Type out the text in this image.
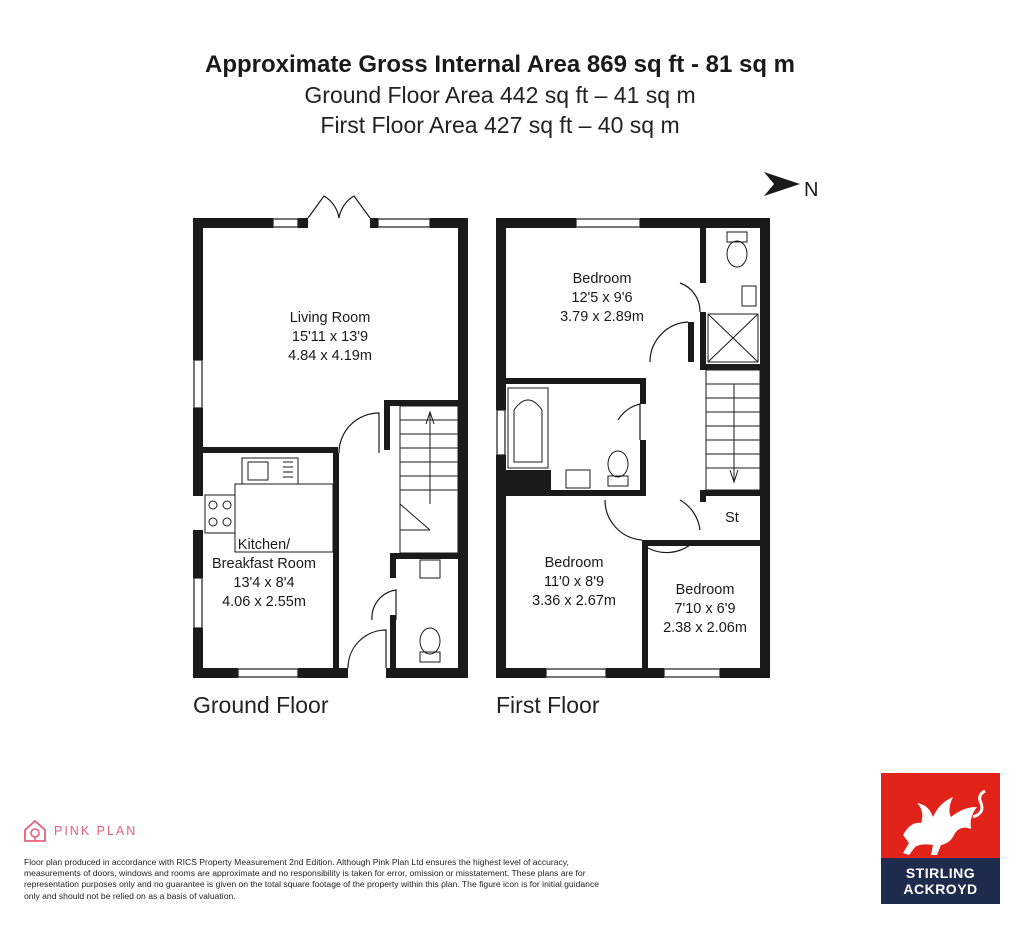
Approximate Gross Internal Area 869 sq ft - 81 sq m
Ground Floor Area 442 sq ft – 41 sq m
First Floor Area 427 sq ft – 40 sq m
N
Living Room
15'11 x 13'9
4.84 x 4.19m
Kitchen/
Breakfast Room
13'4 x 8'4
4.06 x 2.55m
Bedroom
12'5 x 9'6
3.79 x 2.89m
Bedroom
11'0 x 8'9
3.36 x 2.67m
Bedroom
7'10 x 6'9
2.38 x 2.06m
St
Ground Floor	First Floor
PINK PLAN
Floor plan produced in accordance with RICS Property Measurement 2nd Edition. Although Pink Plan Ltd ensures the highest level of accuracy, measurements of doors, windows and rooms are approximate and no responsibility is taken for error, omission or misstatement. These plans are for representation purposes only and no guarantee is given on the total square footage of the property within this plan. The figure icon is for initial guidance only and should not be relied on as a basis of valuation.
STIRLING
ACKROYD
